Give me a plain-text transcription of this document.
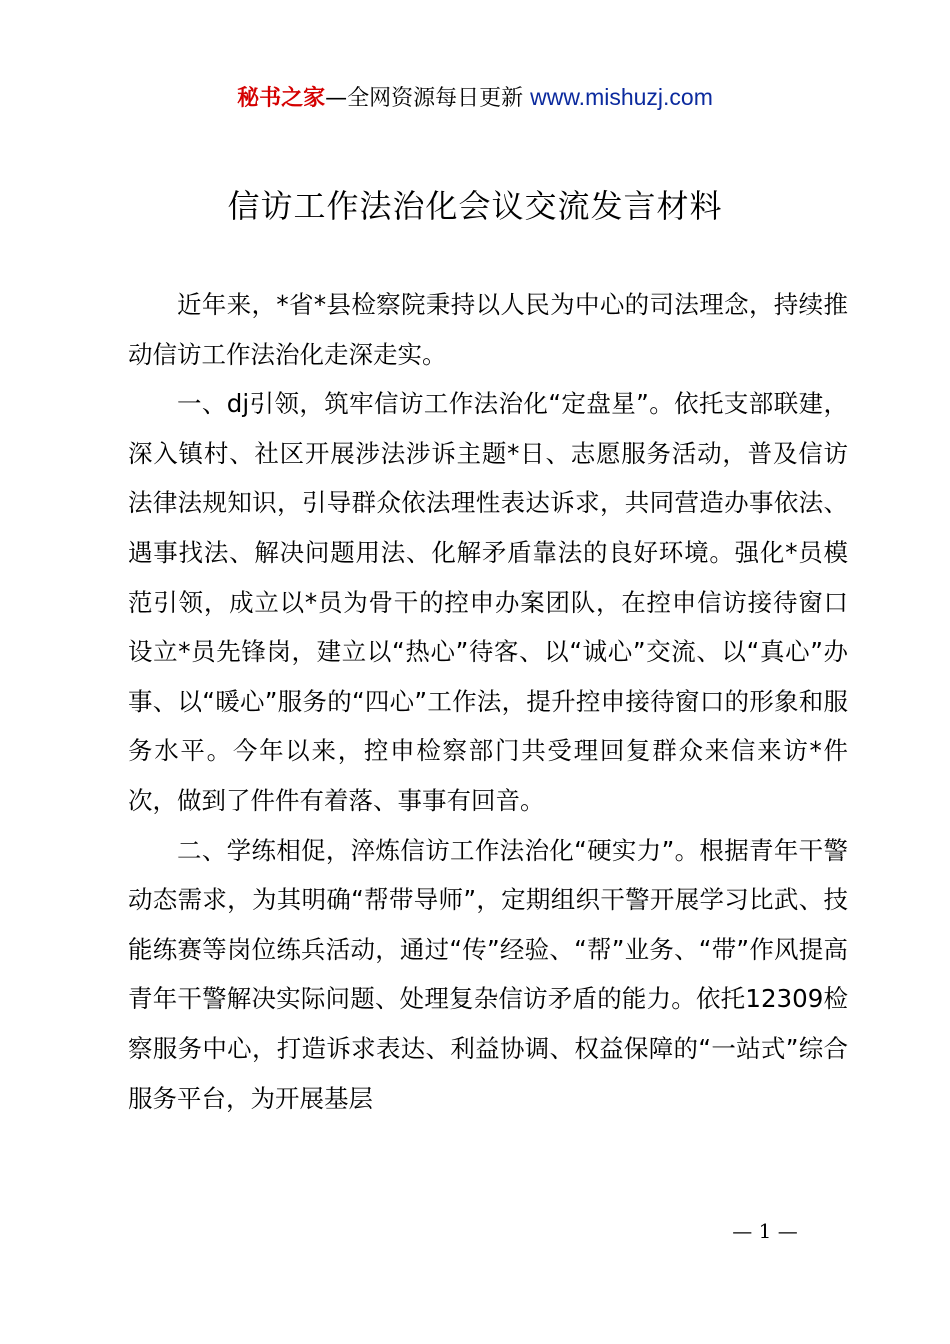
秘书之家—全网资源每日更新 www.mishuzj.com
信访工作法治化会议交流发言材料

近年来，*省*县检察院秉持以人民为中心的司法理念，持续推动信访工作法治化走深走实。

一、dj引领，筑牢信访工作法治化“定盘星”。依托支部联建，深入镇村、社区开展涉法涉诉主题*日、志愿服务活动，普及信访法律法规知识，引导群众依法理性表达诉求，共同营造办事依法、遇事找法、解决问题用法、化解矛盾靠法的良好环境。强化*员模范引领，成立以*员为骨干的控申办案团队，在控申信访接待窗口设立*员先锋岗，建立以“热心”待客、以“诚心”交流、以“真心”办事、以“暖心”服务的“四心”工作法，提升控申接待窗口的形象和服务水平。今年以来，控申检察部门共受理回复群众来信来访*件次，做到了件件有着落、事事有回音。

二、学练相促，淬炼信访工作法治化“硬实力”。根据青年干警动态需求，为其明确“帮带导师”，定期组织干警开展学习比武、技能练赛等岗位练兵活动，通过“传”经验、“帮”业务、“带”作风提高青年干警解决实际问题、处理复杂信访矛盾的能力。依托12309检察服务中心，打造诉求表达、利益协调、权益保障的“一站式”综合服务平台，为开展基层

— 1 —
